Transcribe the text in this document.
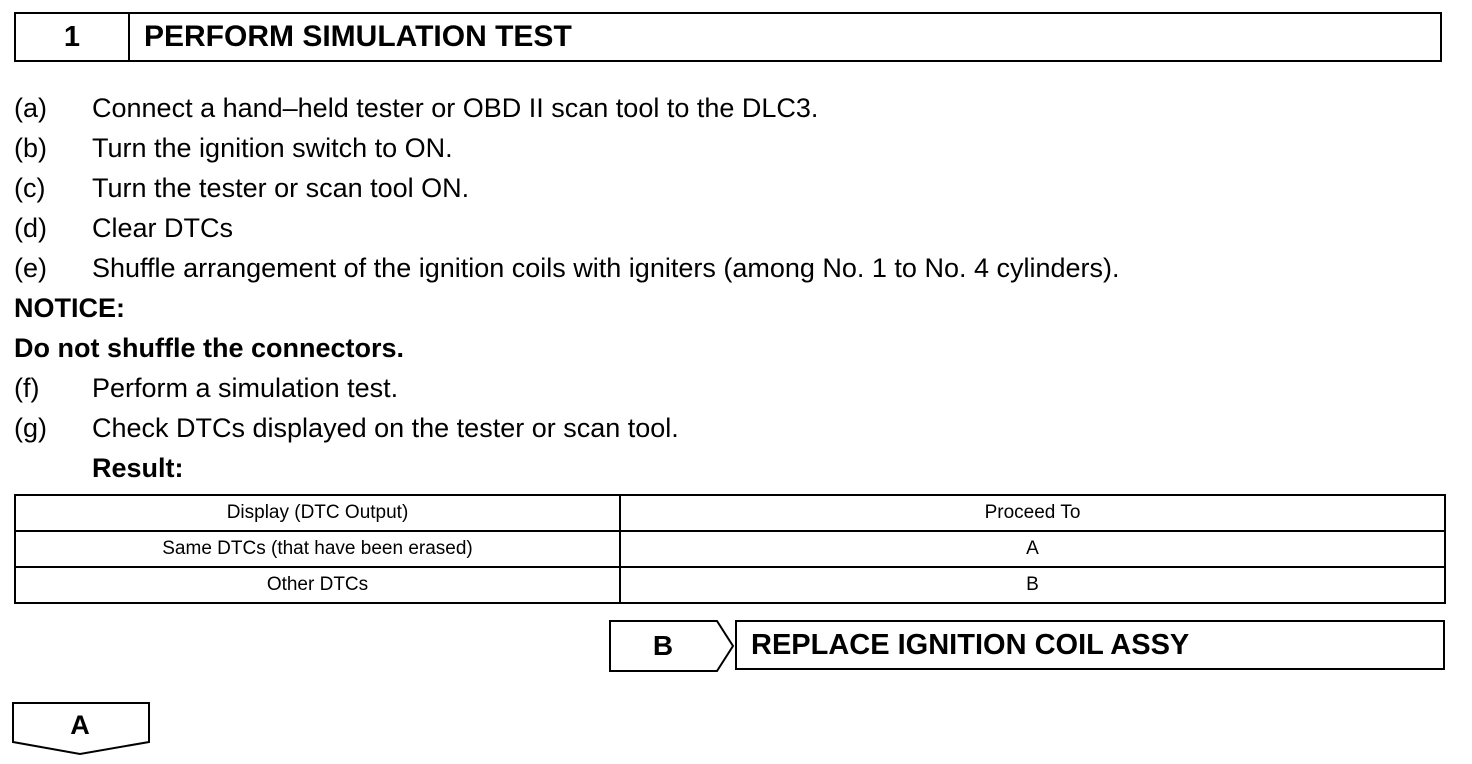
1	PERFORM SIMULATION TEST
(a) Connect a hand–held tester or OBD II scan tool to the DLC3.
(b) Turn the ignition switch to ON.
(c) Turn the tester or scan tool ON.
(d) Clear DTCs
(e) Shuffle arrangement of the ignition coils with igniters (among No. 1 to No. 4 cylinders).
NOTICE:
Do not shuffle the connectors.
(f) Perform a simulation test.
(g) Check DTCs displayed on the tester or scan tool.
Result:
Display (DTC Output)	Proceed To
Same DTCs (that have been erased)	A
Other DTCs	B
B	REPLACE IGNITION COIL ASSY
A
